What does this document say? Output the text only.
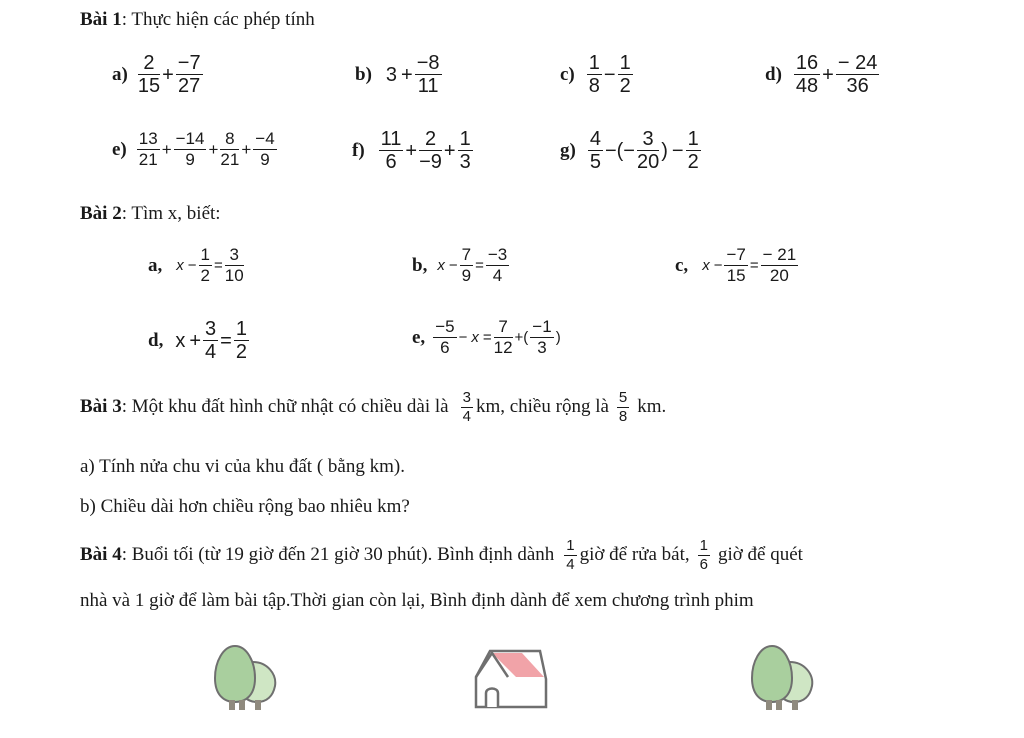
Bài 1: Thực hiện các phép tính
a)
2
15
+ $\frac{-7}{27}$	b) $3 + \frac{-8}{11}$	c)
1
8
− $\frac{1}{2}$	d)
16
48
+ $\frac{- 24}{36}$
e)
13
21
+ $\frac{-14}{9} + \frac{8}{21} + \frac{-4}{9}$	f)
11
6
+ $\frac{2}{-9} + \frac{1}{3}$	g)
4
5
−(− $\frac{3}{20}$ ) − $\frac{1}{2}$
Bài 2: Tìm x, biết:
a, $x - \frac{1}{2} = \frac{3}{10}$	b, $x - \frac{7}{9} = \frac{-3}{4}$	c, $x - \frac{-7}{15} = \frac{- 21}{20}$
d, $x + \frac{3}{4} = \frac{1}{2}$	e,
−5
6
− $x = \frac{7}{12}$ +(
−1
3
)
Bài 3 : Một khu đất hình chữ nhật có chiều dài là 3
4 km, chiều rộng là 5
8 km.
a) Tính nửa chu vi của khu đất ( bằng km).
b) Chiều dài hơn chiều rộng bao nhiêu km?
Bài 4 : Buổi tối (từ 19 giờ đến 21 giờ 30 phút). Bình định dành 1
4 giờ để rửa bát, 1
6 giờ để quét
nhà và 1 giờ để làm bài tập.Thời gian còn lại, Bình định dành để xem chương trình phim
